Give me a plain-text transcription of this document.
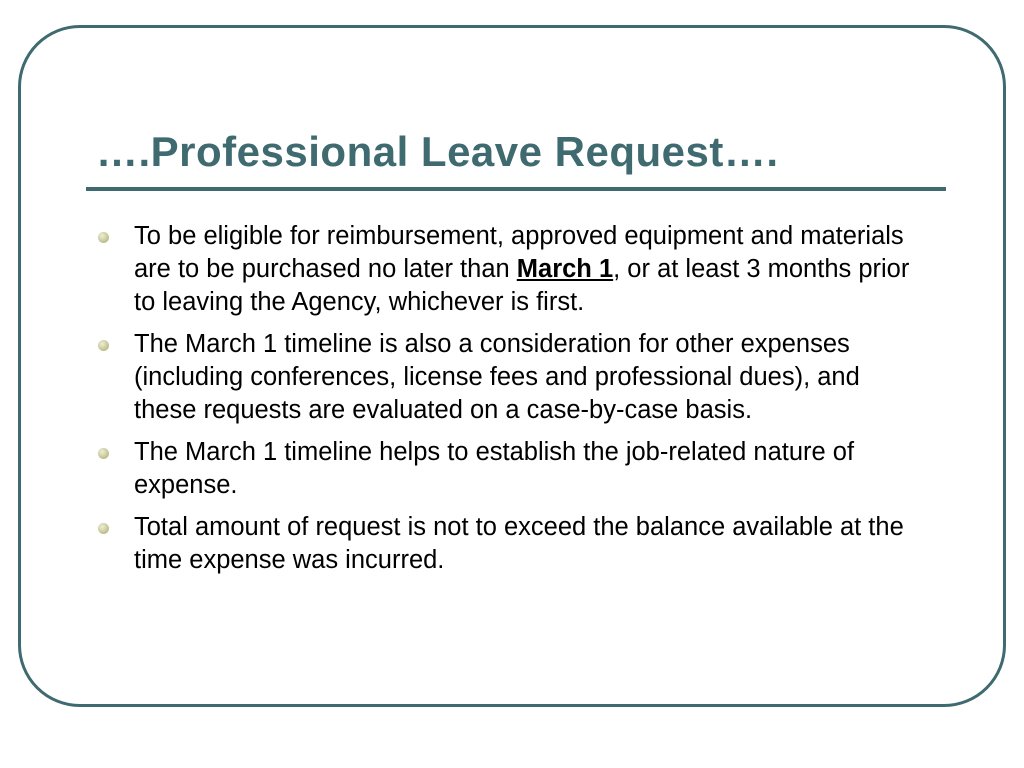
….Professional Leave Request….
To be eligible for reimbursement, approved equipment and materials are to be purchased no later than March 1, or at least 3 months prior to leaving the Agency, whichever is first.
The March 1 timeline is also a consideration for other expenses (including conferences, license fees and professional dues), and these requests are evaluated on a case-by-case basis.
The March 1 timeline helps to establish the job-related nature of expense.
Total amount of request is not to exceed the balance available at the time expense was incurred.
